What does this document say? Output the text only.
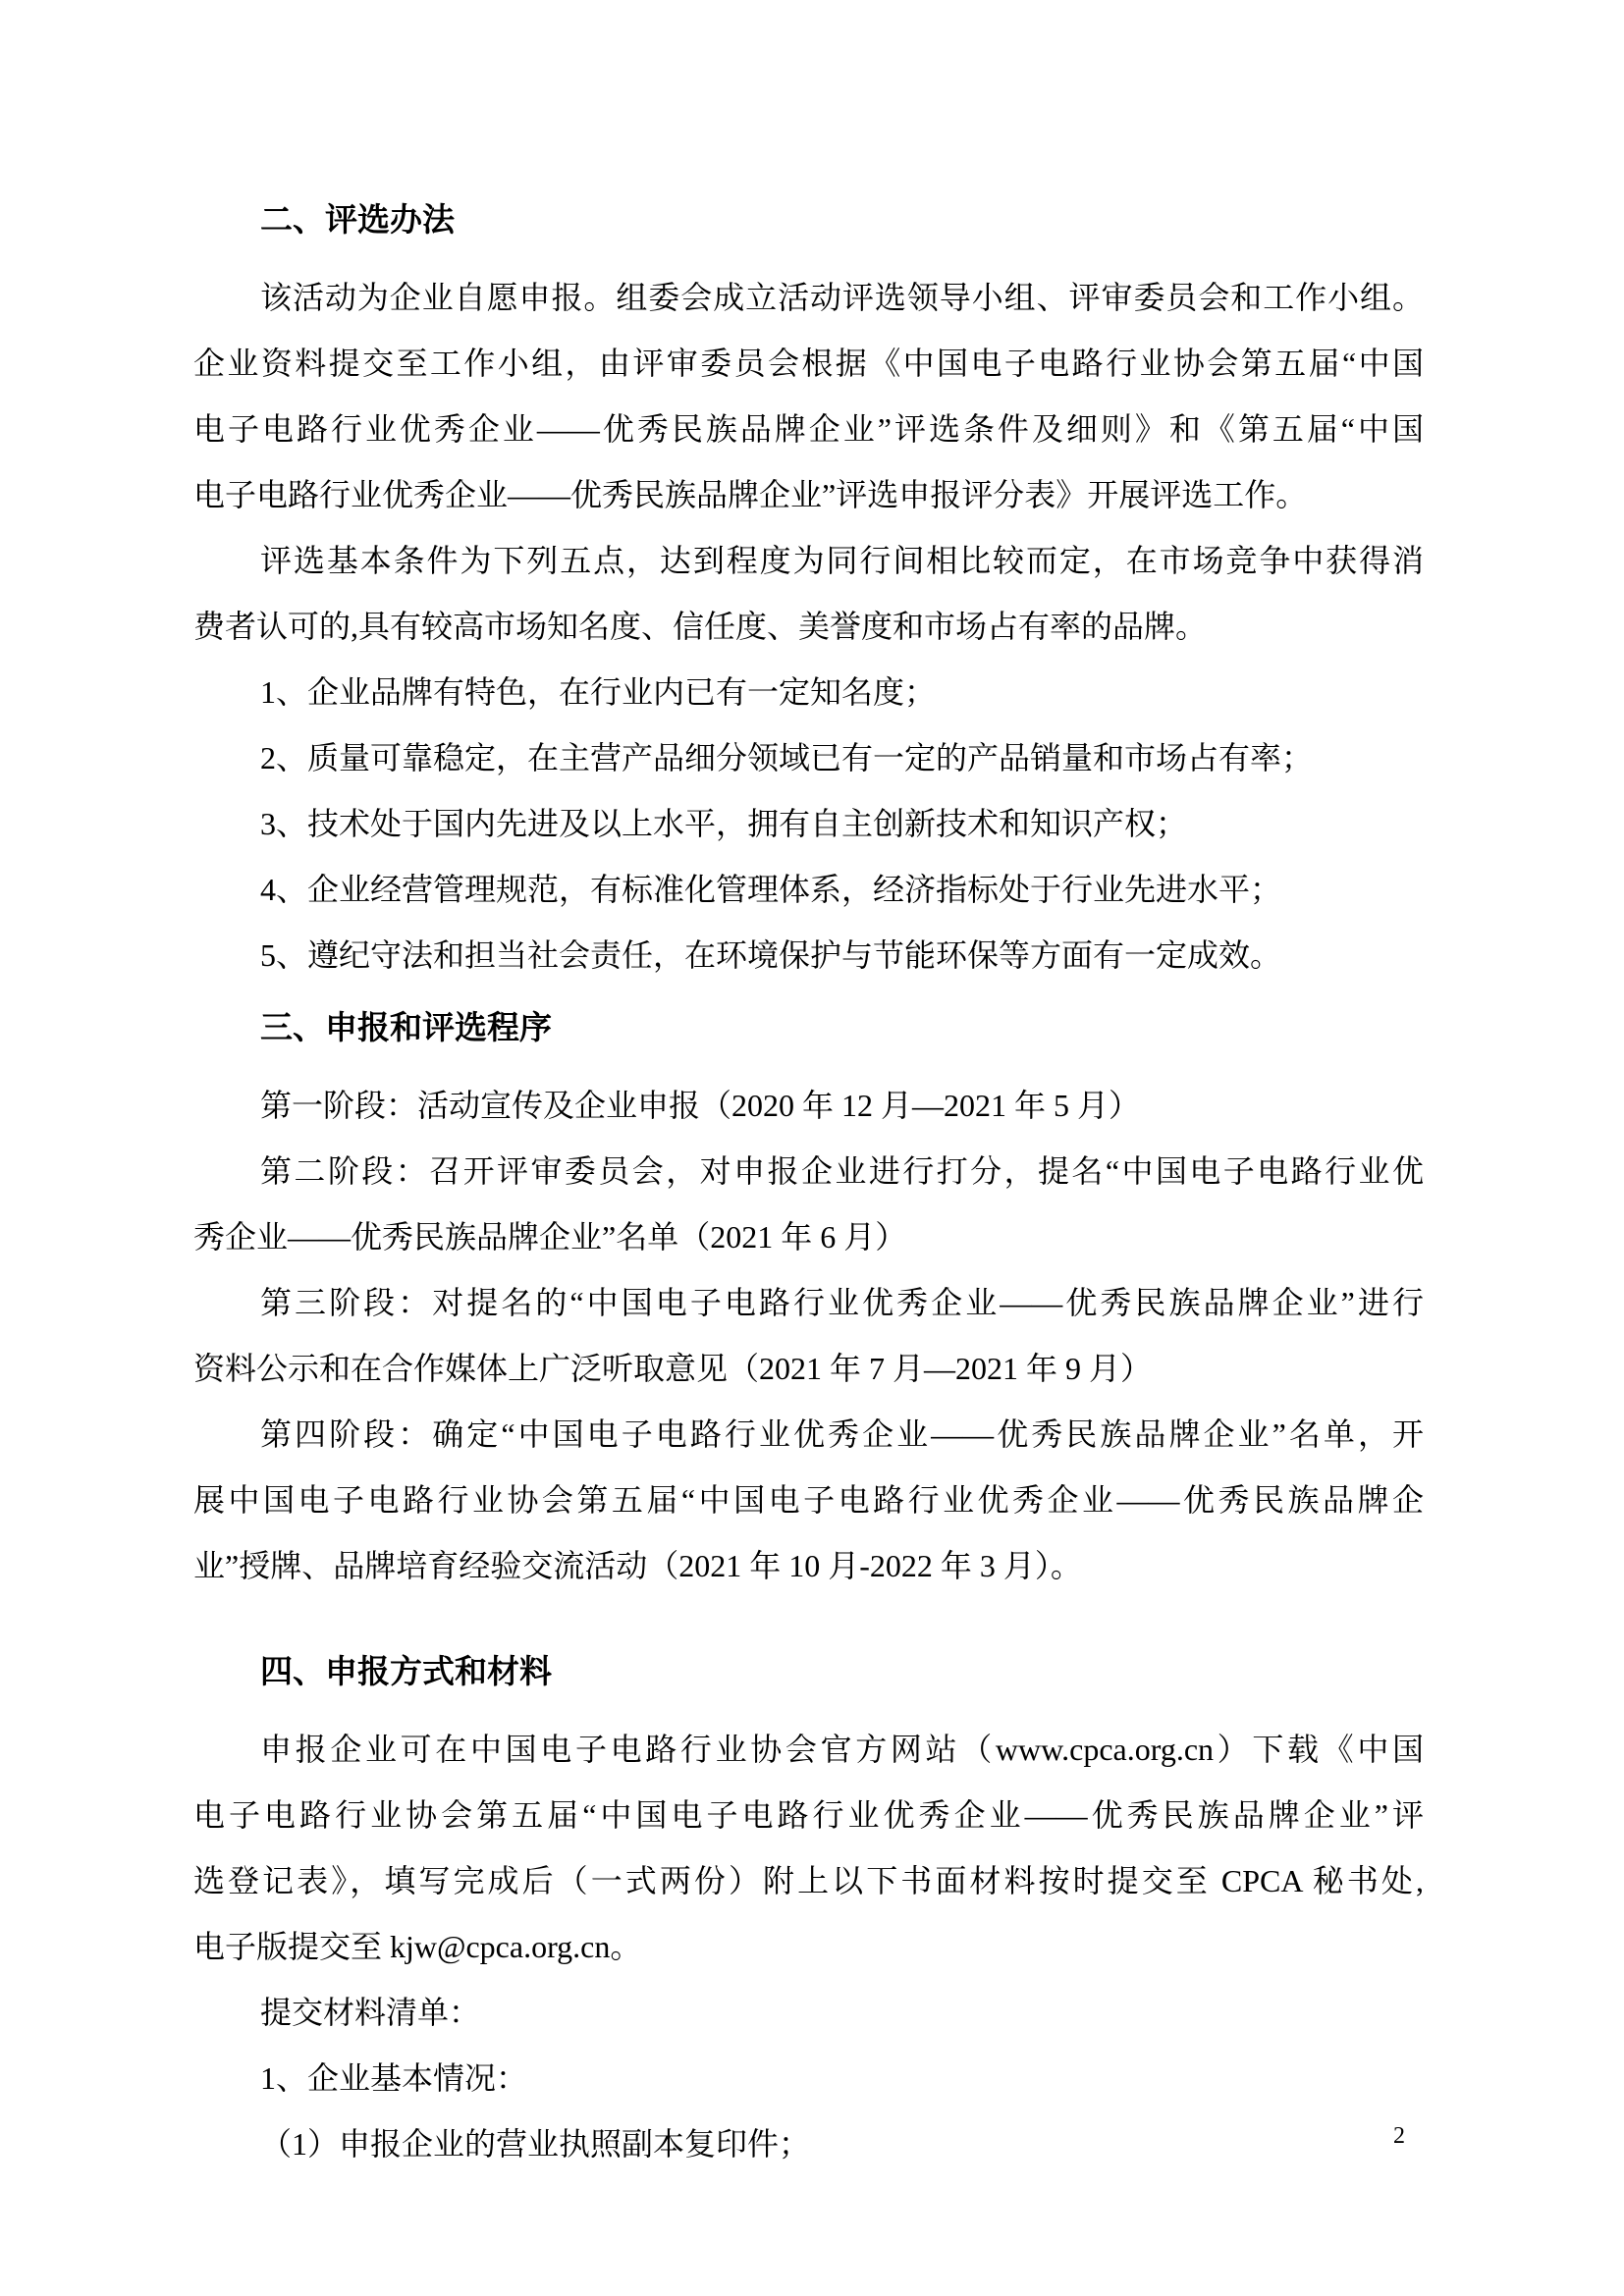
二、评选办法
该活动为企业自愿申报。组委会成立活动评选领导小组、评审委员会和工作小组。
企业资料提交至工作小组，由评审委员会根据《中国电子电路行业协会第五届“中国
电子电路行业优秀企业——优秀民族品牌企业”评选条件及细则》和《第五届“中国
电子电路行业优秀企业——优秀民族品牌企业”评选申报评分表》开展评选工作。
评选基本条件为下列五点，达到程度为同行间相比较而定，在市场竞争中获得消
费者认可的,具有较高市场知名度、信任度、美誉度和市场占有率的品牌。
1、企业品牌有特色，在行业内已有一定知名度；
2、质量可靠稳定，在主营产品细分领域已有一定的产品销量和市场占有率；
3、技术处于国内先进及以上水平，拥有自主创新技术和知识产权；
4、企业经营管理规范，有标准化管理体系，经济指标处于行业先进水平；
5、遵纪守法和担当社会责任，在环境保护与节能环保等方面有一定成效。
三、申报和评选程序
第一阶段：活动宣传及企业申报（2020 年 12 月—2021 年 5 月）
第二阶段：召开评审委员会，对申报企业进行打分，提名“中国电子电路行业优
秀企业——优秀民族品牌企业”名单（2021 年 6 月）
第三阶段：对提名的“中国电子电路行业优秀企业——优秀民族品牌企业”进行
资料公示和在合作媒体上广泛听取意见（2021 年 7 月—2021 年 9 月）
第四阶段：确定“中国电子电路行业优秀企业——优秀民族品牌企业”名单，开
展中国电子电路行业协会第五届“中国电子电路行业优秀企业——优秀民族品牌企
业”授牌、品牌培育经验交流活动（2021 年 10 月-2022 年 3 月）。
四、申报方式和材料
申报企业可在中国电子电路行业协会官方网站（www.cpca.org.cn）下载《中国
电子电路行业协会第五届“中国电子电路行业优秀企业——优秀民族品牌企业”评
选登记表》，填写完成后（一式两份）附上以下书面材料按时提交至 CPCA 秘书处,
电子版提交至 kjw@cpca.org.cn。
提交材料清单：
1、企业基本情况：
（1）申报企业的营业执照副本复印件；	2
